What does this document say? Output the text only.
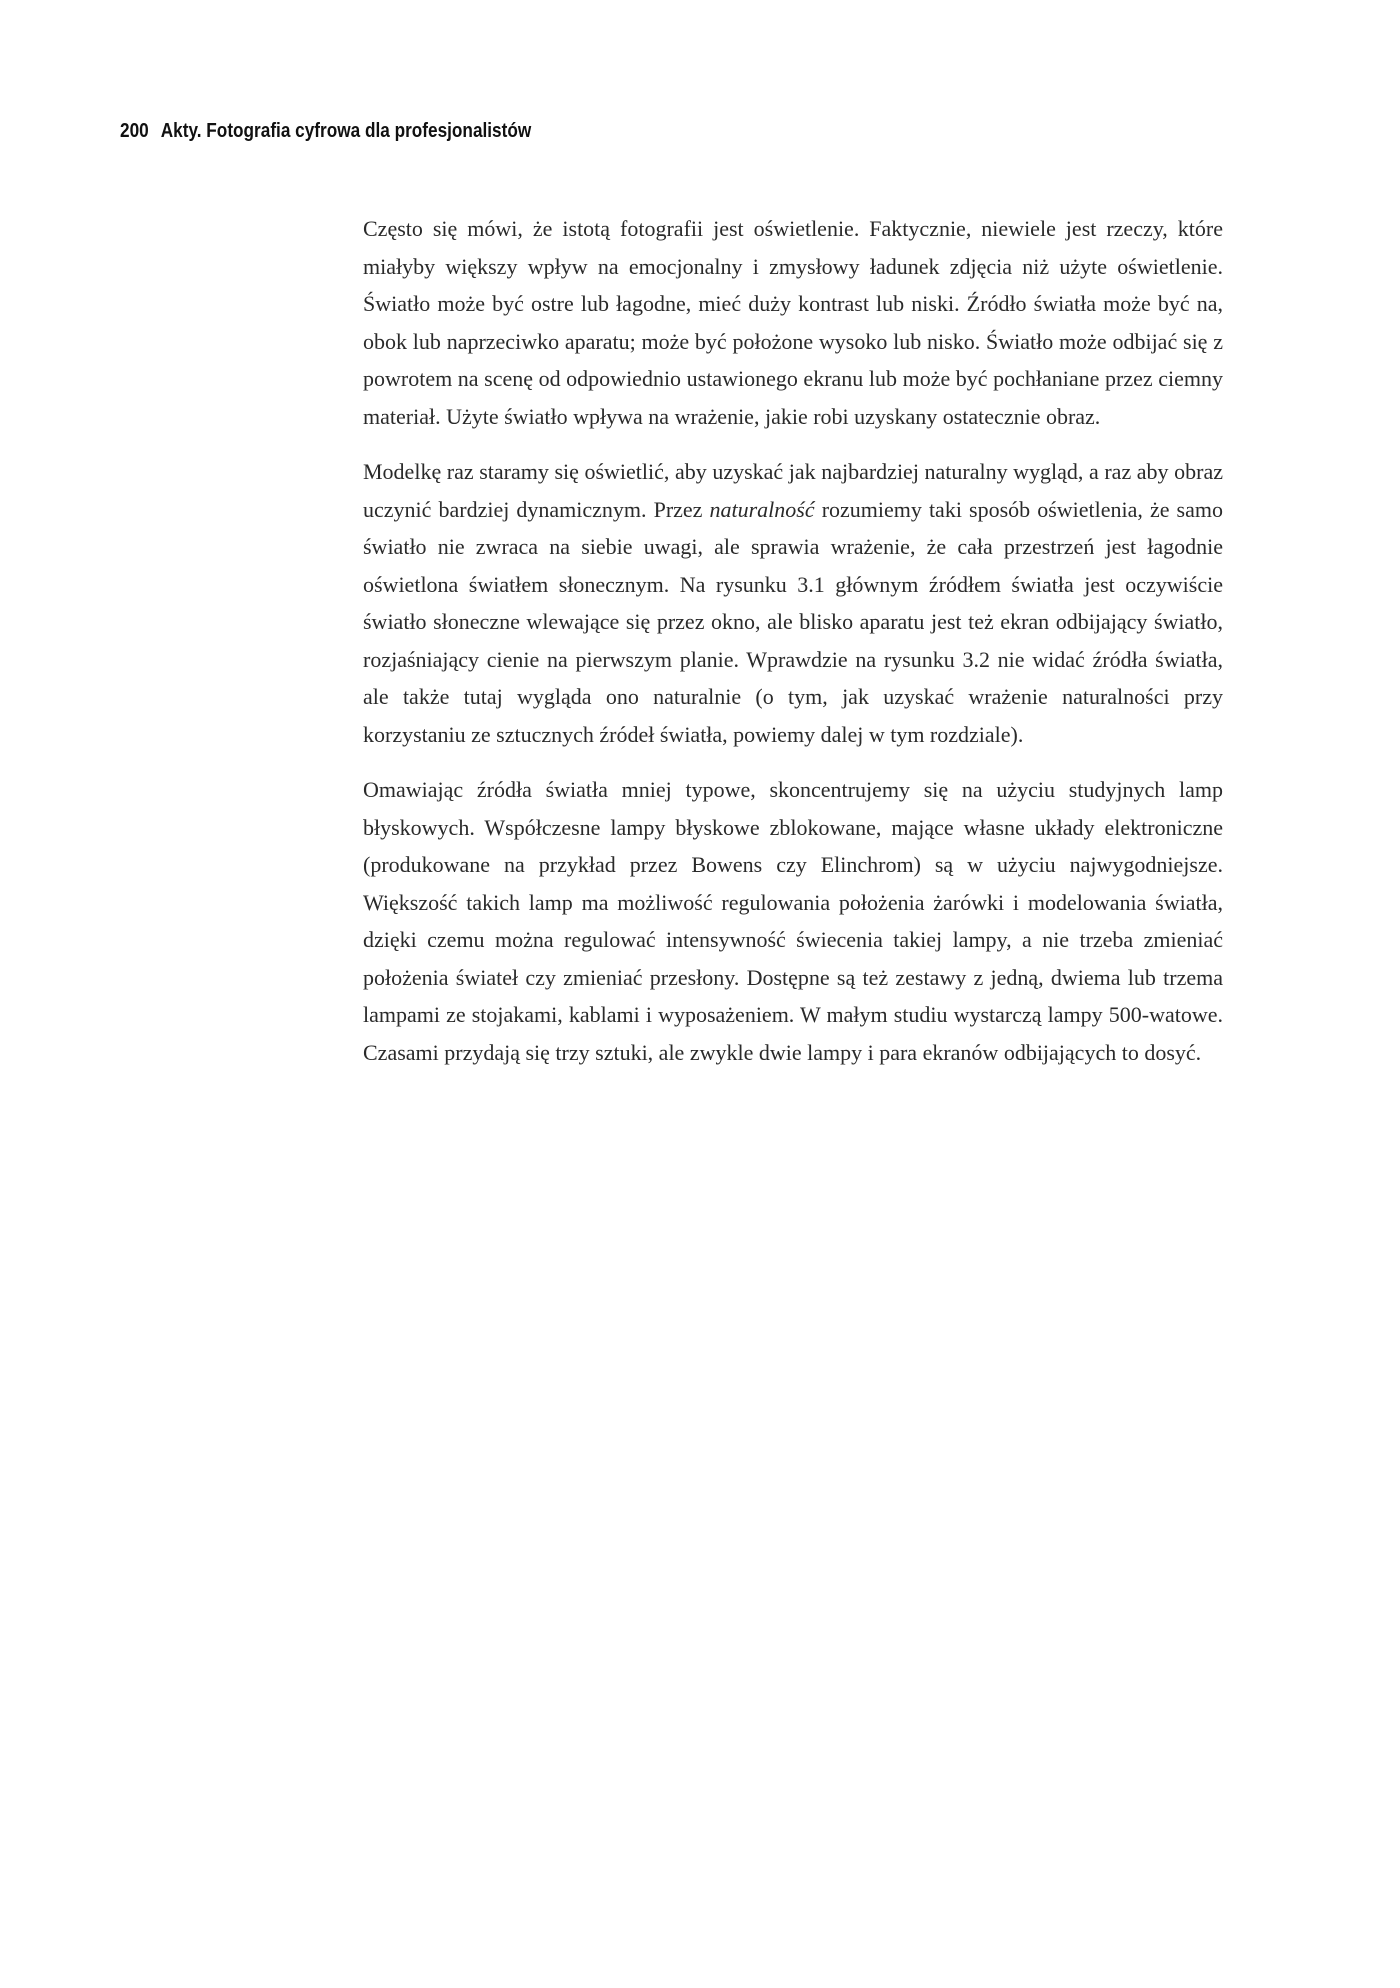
200 Akty. Fotografia cyfrowa dla profesjonalistów

Często się mówi, że istotą fotografii jest oświetlenie. Faktycznie, niewiele jest rzeczy, które miałyby większy wpływ na emocjonalny i zmysłowy ładunek zdjęcia niż użyte oświetlenie. Światło może być ostre lub łagodne, mieć duży kontrast lub niski. Źródło światła może być na, obok lub naprzeciwko aparatu; może być położone wysoko lub nisko. Światło może odbijać się z powrotem na scenę od odpowiednio ustawionego ekranu lub może być pochłaniane przez ciemny materiał. Użyte światło wpływa na wrażenie, jakie robi uzyskany ostatecznie obraz.

Modelkę raz staramy się oświetlić, aby uzyskać jak najbardziej naturalny wygląd, a raz aby obraz uczynić bardziej dynamicznym. Przez naturalność rozumiemy taki sposób oświetlenia, że samo światło nie zwraca na siebie uwagi, ale sprawia wrażenie, że cała przestrzeń jest łagodnie oświetlona światłem słonecznym. Na rysunku 3.1 głównym źródłem światła jest oczywiście światło słoneczne wlewające się przez okno, ale blisko aparatu jest też ekran odbijający światło, rozjaśniający cienie na pierwszym planie. Wprawdzie na rysunku 3.2 nie widać źródła światła, ale także tutaj wygląda ono naturalnie (o tym, jak uzyskać wrażenie naturalności przy korzystaniu ze sztucznych źródeł światła, powiemy dalej w tym rozdziale).

Omawiając źródła światła mniej typowe, skoncentrujemy się na użyciu studyjnych lamp błyskowych. Współczesne lampy błyskowe zblokowane, mające własne układy elektroniczne (produkowane na przykład przez Bowens czy Elinchrom) są w użyciu najwygodniejsze. Większość takich lamp ma możliwość regulowania położenia żarówki i modelowania światła, dzięki czemu można regulować intensywność świecenia takiej lampy, a nie trzeba zmieniać położenia świateł czy zmieniać przesłony. Dostępne są też zestawy z jedną, dwiema lub trzema lampami ze stojakami, kablami i wyposażeniem. W małym studiu wystarczą lampy 500-watowe. Czasami przydają się trzy sztuki, ale zwykle dwie lampy i para ekranów odbijających to dosyć.
